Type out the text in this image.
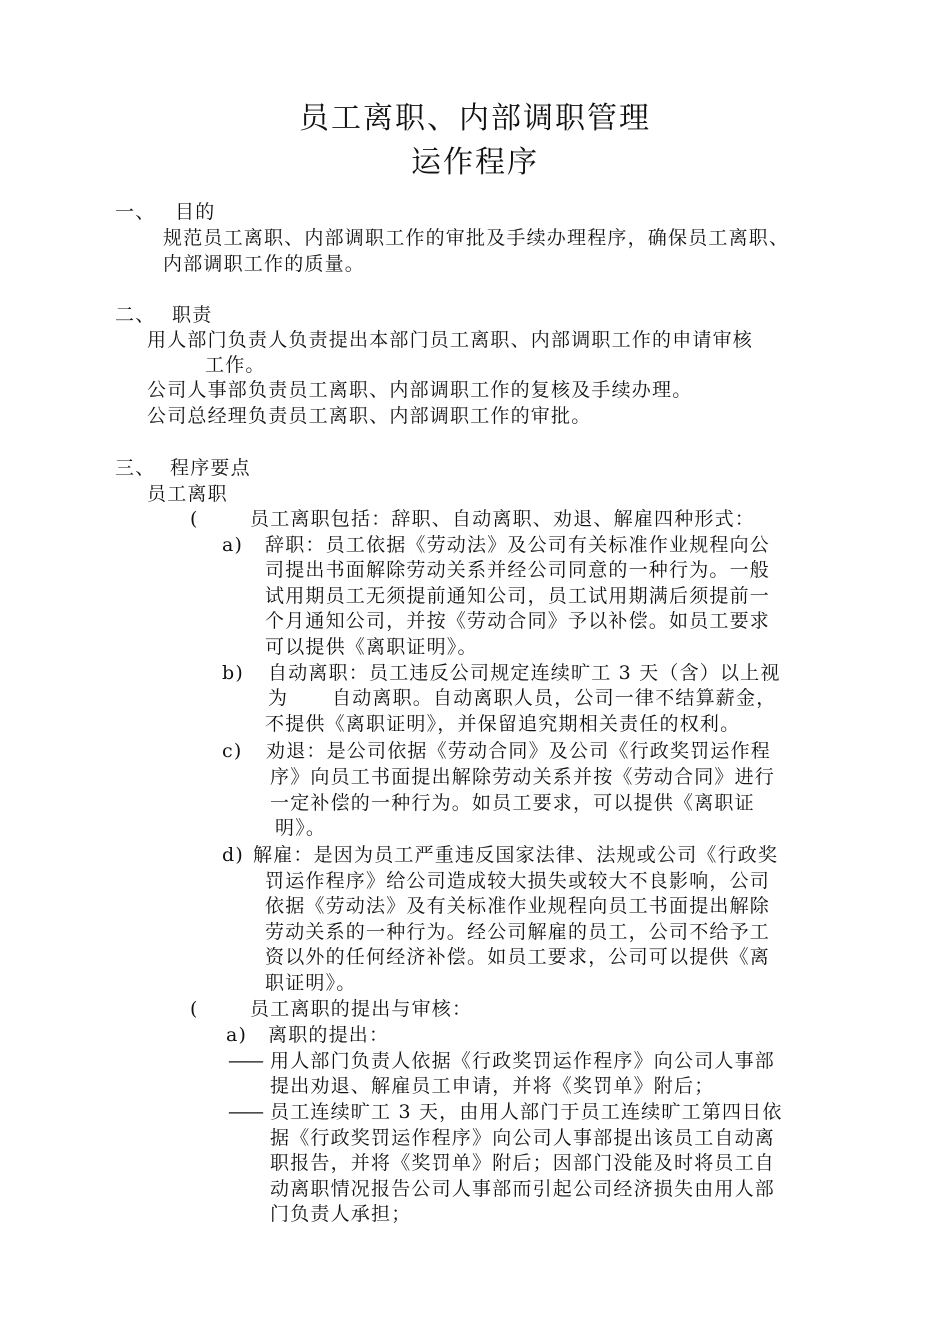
员工离职、内部调职管理
运作程序
一、 目的
规范员工离职、内部调职工作的审批及手续办理程序，确保员工离职、
内部调职工作的质量。
二、 职责
用人部门负责人负责提出本部门员工离职、内部调职工作的申请审核
工作。
公司人事部负责员工离职、内部调职工作的复核及手续办理。
公司总经理负责员工离职、内部调职工作的审批。
三、 程序要点
员工离职
(	员工离职包括：辞职、自动离职、劝退、解雇四种形式：
a) 辞职：员工依据《劳动法》及公司有关标准作业规程向公
司提出书面解除劳动关系并经公司同意的一种行为。一般
试用期员工无须提前通知公司，员工试用期满后须提前一
个月通知公司，并按《劳动合同》予以补偿。如员工要求
可以提供《离职证明》。
b) 自动离职：员工违反公司规定连续旷工 3 天（含）以上视
为 自动离职。自动离职人员，公司一律不结算薪金，
不提供《离职证明》，并保留追究期相关责任的权利。
c) 劝退：是公司依据《劳动合同》及公司《行政奖罚运作程
序》向员工书面提出解除劳动关系并按《劳动合同》进行
一定补偿的一种行为。如员工要求，可以提供《离职证
明》。
d) 解雇：是因为员工严重违反国家法律、法规或公司《行政奖
罚运作程序》给公司造成较大损失或较大不良影响，公司
依据《劳动法》及有关标准作业规程向员工书面提出解除
劳动关系的一种行为。经公司解雇的员工，公司不给予工
资以外的任何经济补偿。如员工要求，公司可以提供《离
职证明》。
(	员工离职的提出与审核：
a) 离职的提出：
—— 用人部门负责人依据《行政奖罚运作程序》向公司人事部
提出劝退、解雇员工申请，并将《奖罚单》附后；
—— 员工连续旷工 3 天，由用人部门于员工连续旷工第四日依
据《行政奖罚运作程序》向公司人事部提出该员工自动离
职报告，并将《奖罚单》附后；因部门没能及时将员工自
动离职情况报告公司人事部而引起公司经济损失由用人部
门负责人承担；
